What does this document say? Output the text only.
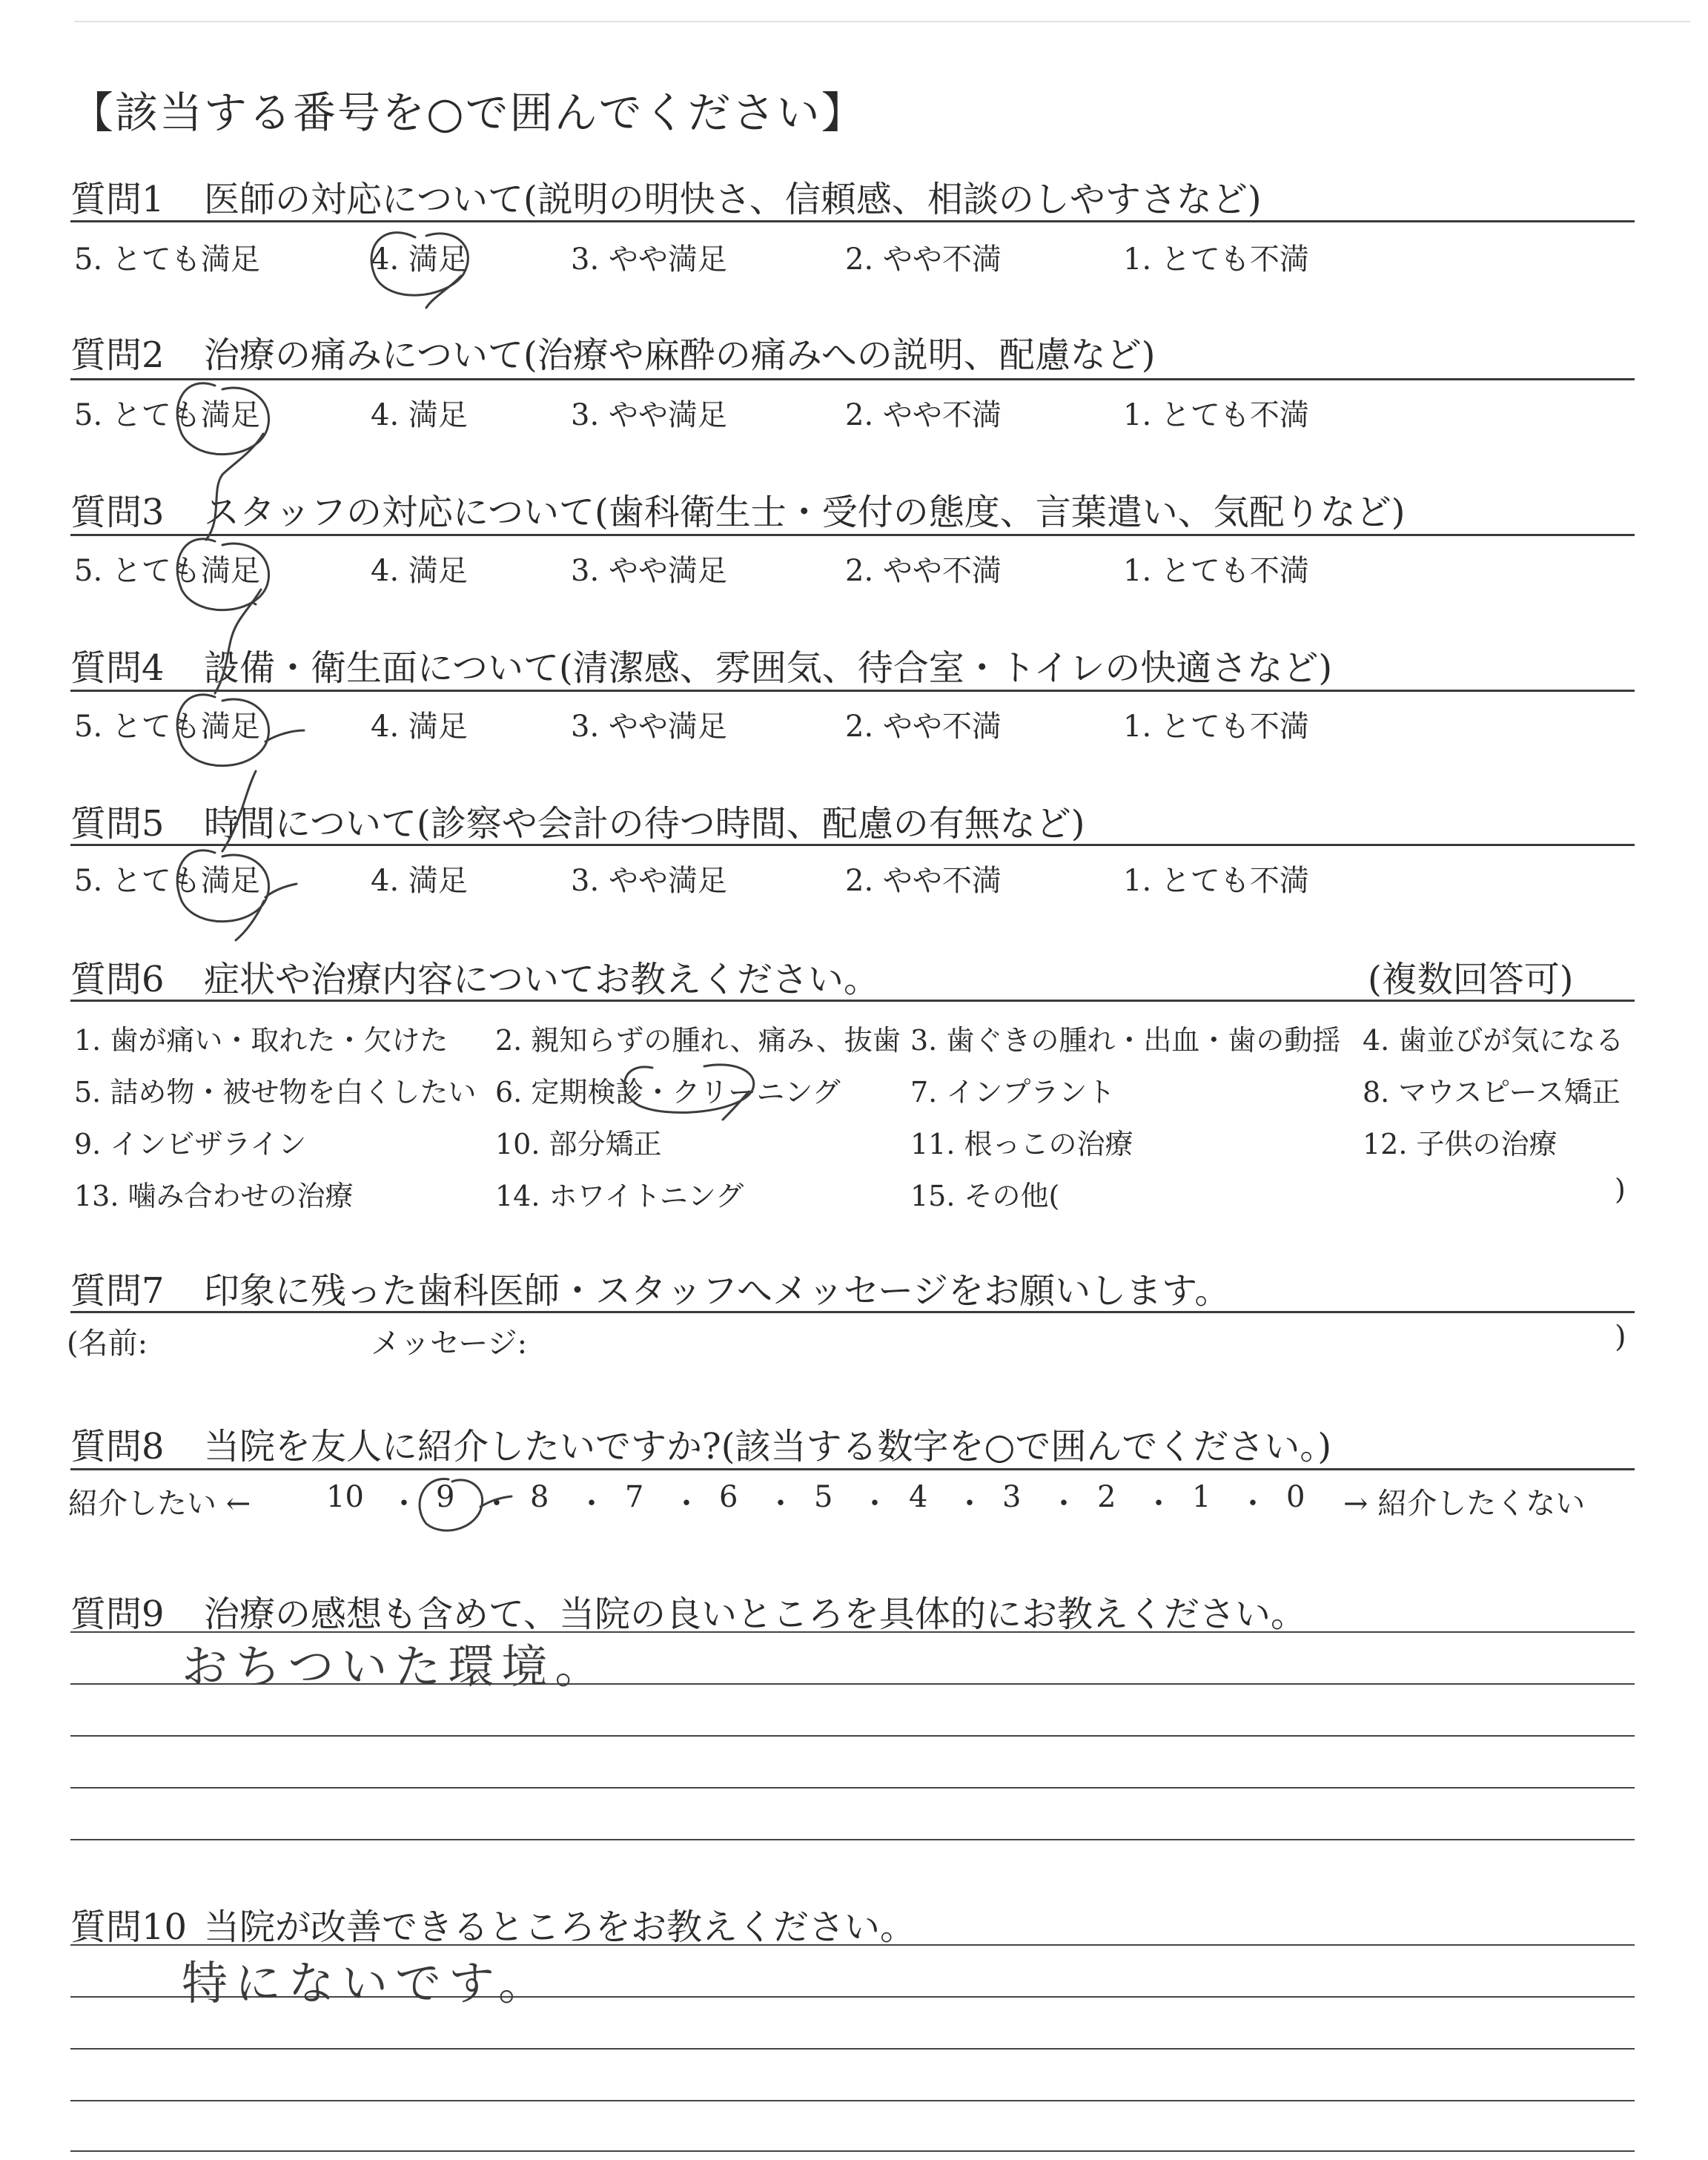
【該当する番号を○で囲んでください】
質問1 医師の対応について(説明の明快さ、信頼感、相談のしやすさなど)
5. とても満足	4. 満足	3. やや満足	2. やや不満	1. とても不満
質問2 治療の痛みについて(治療や麻酔の痛みへの説明、配慮など)
5. とても満足	4. 満足	3. やや満足	2. やや不満	1. とても不満
質問3 スタッフの対応について(歯科衛生士・受付の態度、言葉遣い、気配りなど)
5. とても満足	4. 満足	3. やや満足	2. やや不満	1. とても不満
質問4 設備・衛生面について(清潔感、雰囲気、待合室・トイレの快適さなど)
5. とても満足	4. 満足	3. やや満足	2. やや不満	1. とても不満
質問5 時間について(診察や会計の待つ時間、配慮の有無など)
5. とても満足	4. 満足	3. やや満足	2. やや不満	1. とても不満
質問6 症状や治療内容についてお教えください。	(複数回答可)
1. 歯が痛い・取れた・欠けた 2. 親知らずの腫れ、痛み、抜歯 3. 歯ぐきの腫れ・出血・歯の動揺 4. 歯並びが気になる
5. 詰め物・被せ物を白くしたい 6. 定期検診・クリーニング 7. インプラント	8. マウスピース矯正
9. インビザライン	10. 部分矯正	11. 根っこの治療	12. 子供の治療
13. 噛み合わせの治療	14. ホワイトニング	15. その他(	)
質問7 印象に残った歯科医師・スタッフへメッセージをお願いします。
(名前:	メッセージ:	)
質問8 当院を友人に紹介したいですか?(該当する数字を○で囲んでください。)
紹介したい ←	10 ・ 9 ・ 8 ・ 7 ・ 6 ・ 5 ・ 4 ・ 3 ・ 2 ・ 1 ・ 0 → 紹介したくない
質問9 治療の感想も含めて、当院の良いところを具体的にお教えください。
おちついた環境。
質問10 当院が改善できるところをお教えください。
特にないです。
